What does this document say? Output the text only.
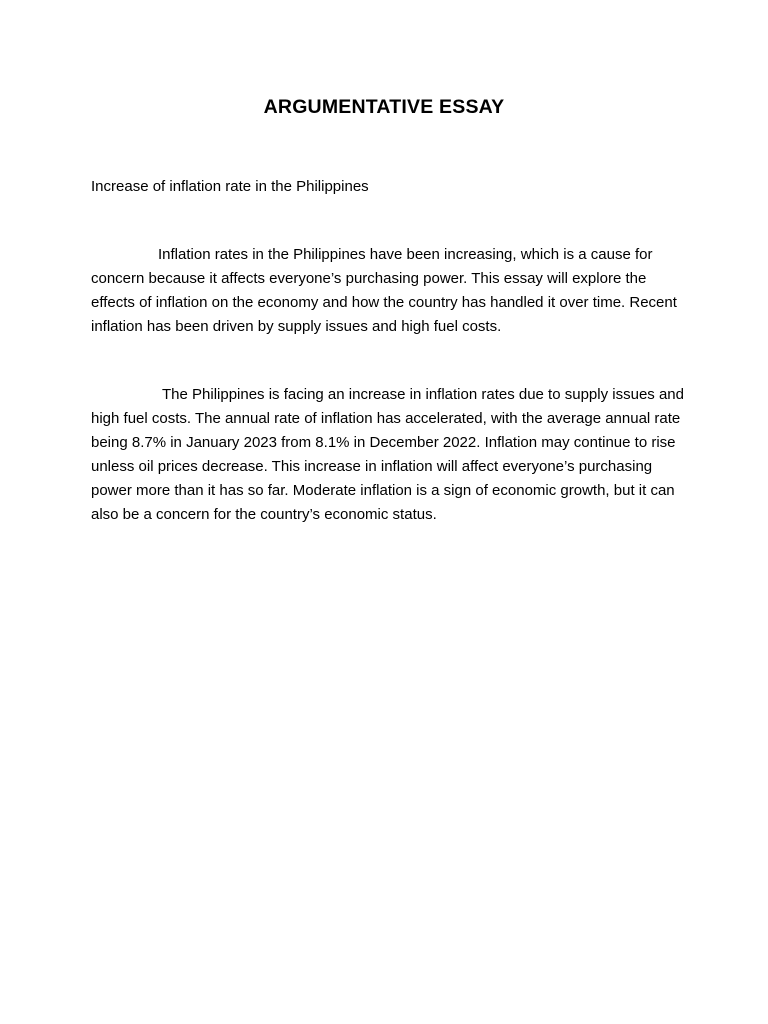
ARGUMENTATIVE ESSAY

Increase of inflation rate in the Philippines

Inflation rates in the Philippines have been increasing, which is a cause for concern because it affects everyone’s purchasing power. This essay will explore the effects of inflation on the economy and how the country has handled it over time. Recent inflation has been driven by supply issues and high fuel costs.

The Philippines is facing an increase in inflation rates due to supply issues and high fuel costs. The annual rate of inflation has accelerated, with the average annual rate being 8.7% in January 2023 from 8.1% in December 2022. Inflation may continue to rise unless oil prices decrease. This increase in inflation will affect everyone’s purchasing power more than it has so far. Moderate inflation is a sign of economic growth, but it can also be a concern for the country’s economic status.
